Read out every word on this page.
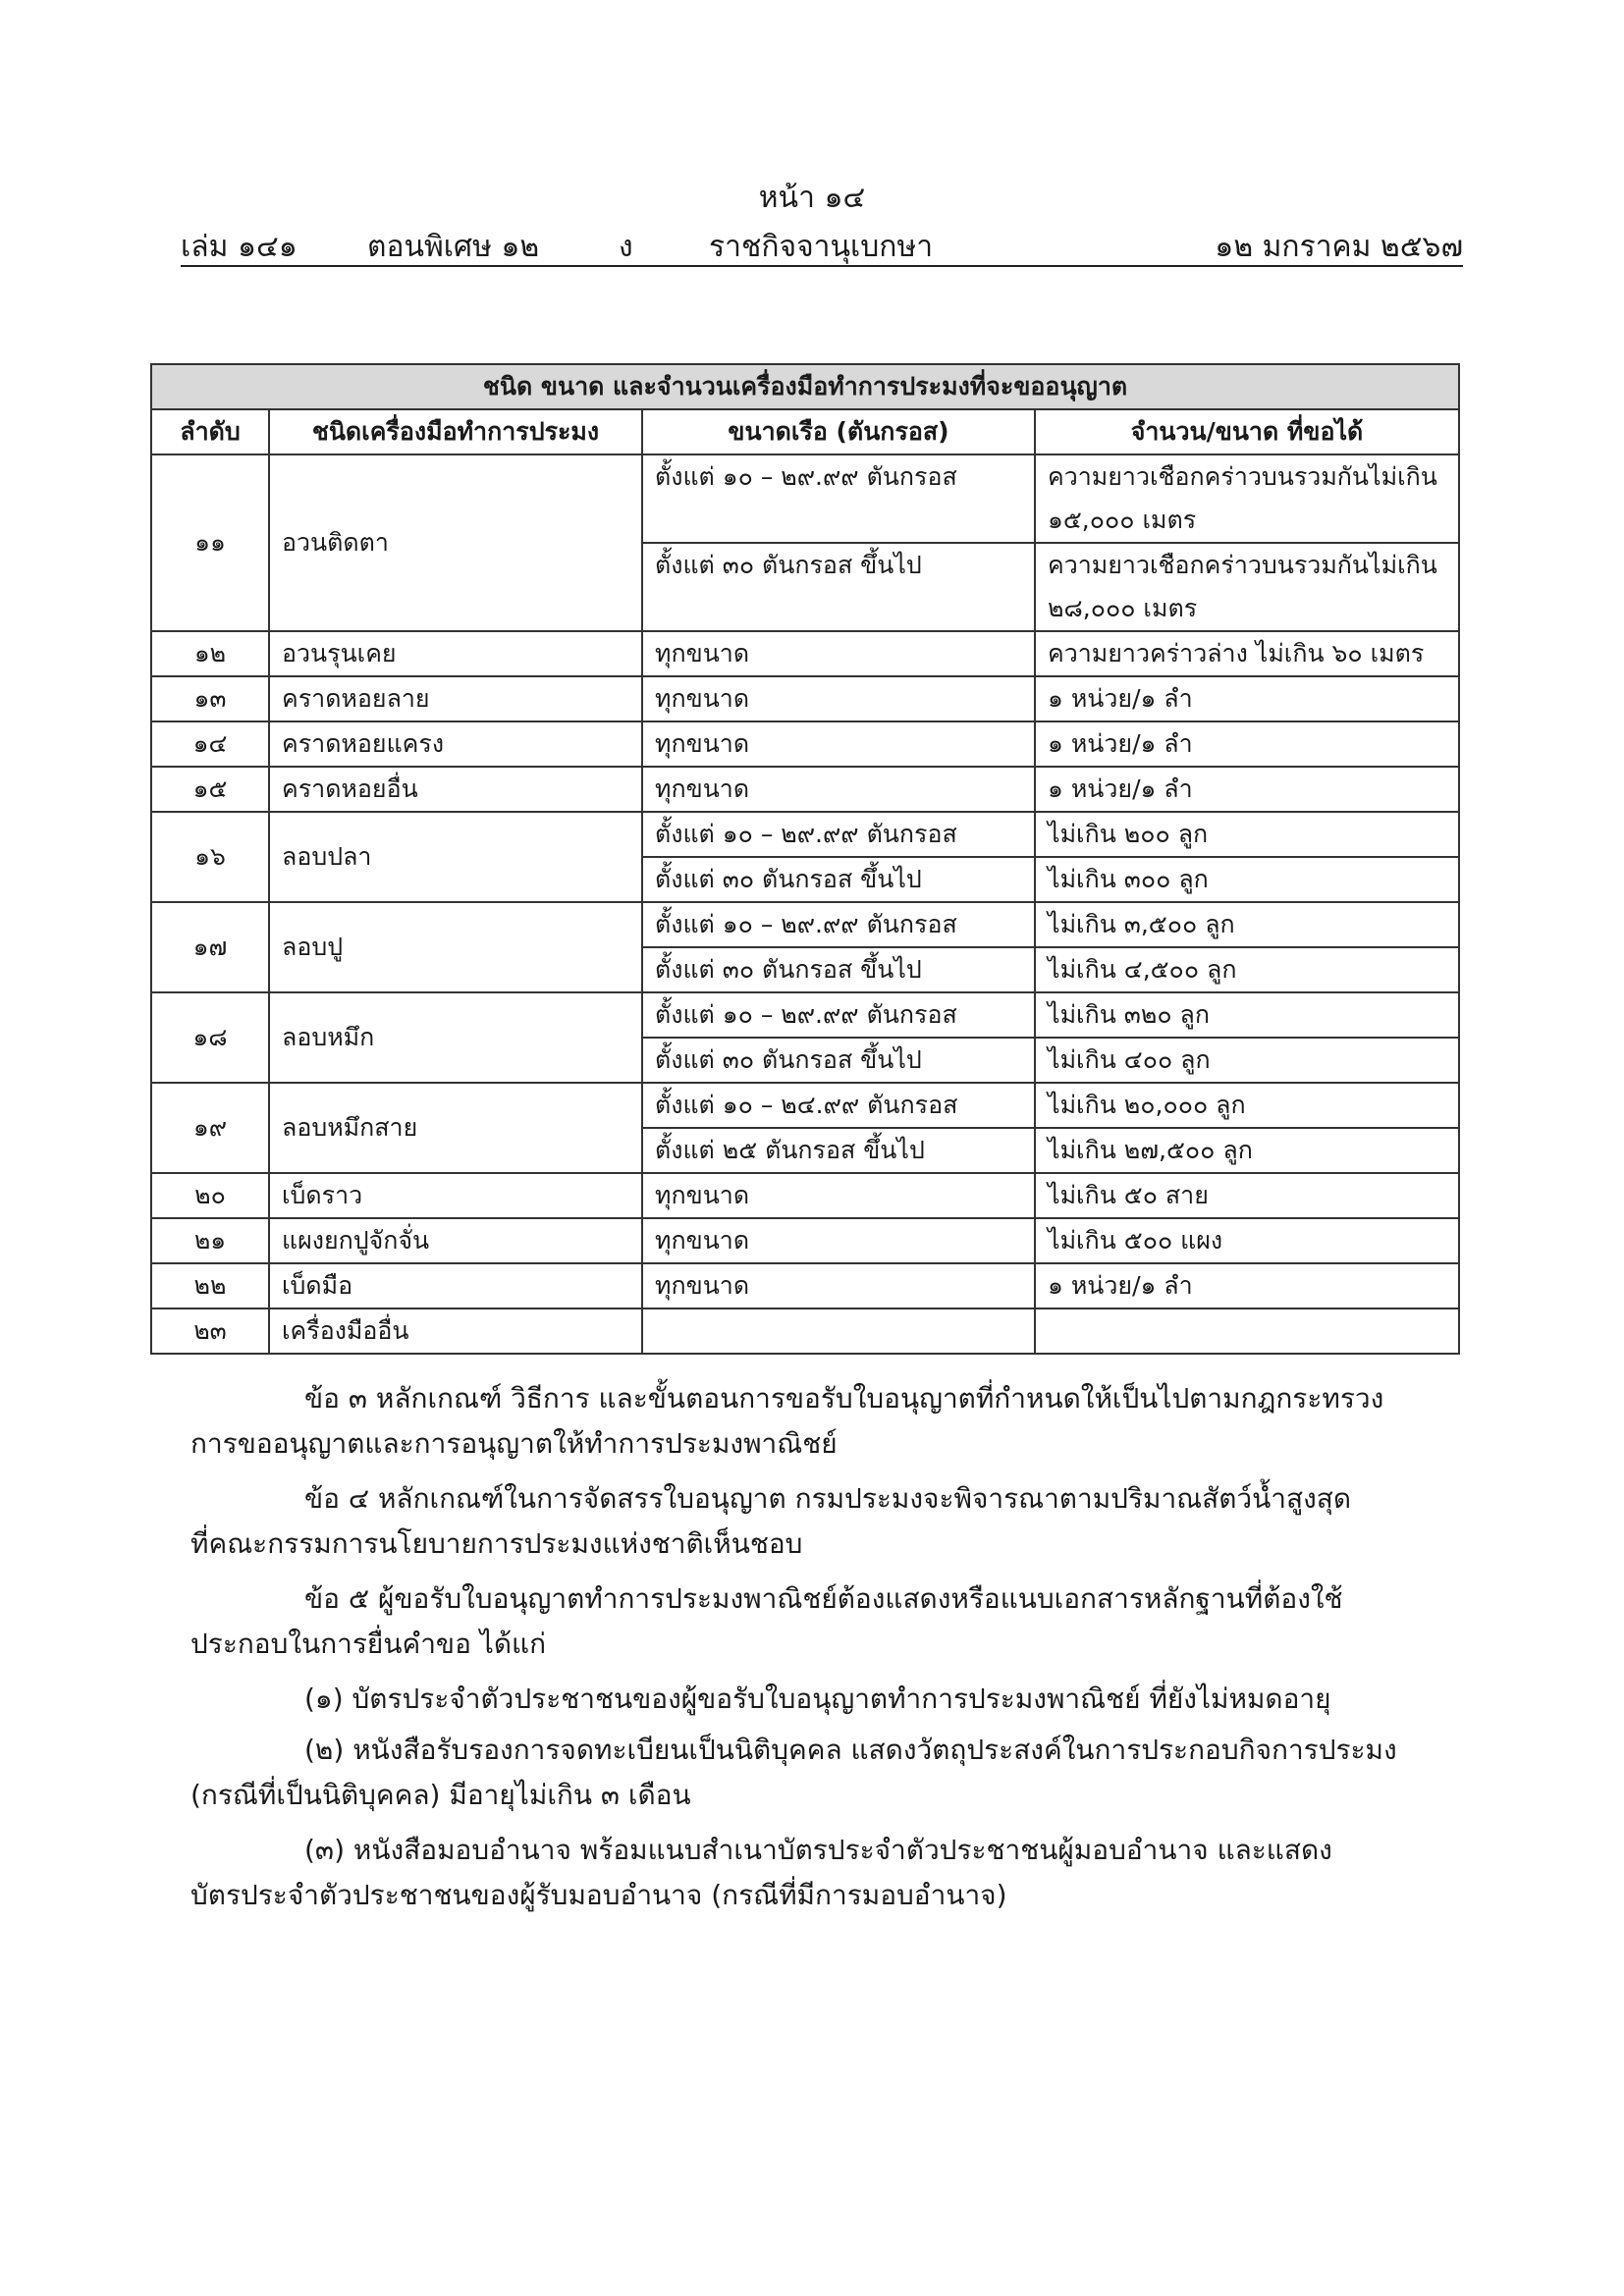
หน้า ๑๔
เล่ม ๑๔๑ ตอนพิเศษ ๑๒	ง	ราชกิจจานุเบกษา	๑๒ มกราคม ๒๕๖๗
ชนิด ขนาด และจำนวนเครื่องมือทำการประมงที่จะขออนุญาต			
ลำดับ	ชนิดเครื่องมือทำการประมง	ขนาดเรือ (ตันกรอส)	จำนวน/ขนาด ที่ขอได้
๑๑	อวนติดตา	ตั้งแต่ ๑๐ – ๒๙.๙๙ ตันกรอส	ความยาวเชือกคร่าวบนรวมกันไม่เกิน
			๑๕,๐๐๐ เมตร
		ตั้งแต่ ๓๐ ตันกรอส ขึ้นไป	ความยาวเชือกคร่าวบนรวมกันไม่เกิน
			๒๘,๐๐๐ เมตร
๑๒	อวนรุนเคย	ทุกขนาด	ความยาวคร่าวล่าง ไม่เกิน ๖๐ เมตร
๑๓	คราดหอยลาย	ทุกขนาด	๑ หน่วย/๑ ลำ
๑๔	คราดหอยแครง	ทุกขนาด	๑ หน่วย/๑ ลำ
๑๕	คราดหอยอื่น	ทุกขนาด	๑ หน่วย/๑ ลำ
๑๖	ลอบปลา	ตั้งแต่ ๑๐ – ๒๙.๙๙ ตันกรอส	ไม่เกิน ๒๐๐ ลูก
		ตั้งแต่ ๓๐ ตันกรอส ขึ้นไป	ไม่เกิน ๓๐๐ ลูก
๑๗	ลอบปู	ตั้งแต่ ๑๐ – ๒๙.๙๙ ตันกรอส	ไม่เกิน ๓,๕๐๐ ลูก
		ตั้งแต่ ๓๐ ตันกรอส ขึ้นไป	ไม่เกิน ๔,๕๐๐ ลูก
๑๘	ลอบหมึก	ตั้งแต่ ๑๐ – ๒๙.๙๙ ตันกรอส	ไม่เกิน ๓๒๐ ลูก
		ตั้งแต่ ๓๐ ตันกรอส ขึ้นไป	ไม่เกิน ๔๐๐ ลูก
๑๙	ลอบหมึกสาย	ตั้งแต่ ๑๐ – ๒๔.๙๙ ตันกรอส	ไม่เกิน ๒๐,๐๐๐ ลูก
		ตั้งแต่ ๒๕ ตันกรอส ขึ้นไป	ไม่เกิน ๒๗,๕๐๐ ลูก
๒๐	เบ็ดราว	ทุกขนาด	ไม่เกิน ๕๐ สาย
๒๑	แผงยกปูจักจั่น	ทุกขนาด	ไม่เกิน ๕๐๐ แผง
๒๒	เบ็ดมือ	ทุกขนาด	๑ หน่วย/๑ ลำ
๒๓	เครื่องมืออื่น		
ข้อ ๓ หลักเกณฑ์ วิธีการ และขั้นตอนการขอรับใบอนุญาตที่กำหนดให้เป็นไปตามกฎกระทรวง
การขออนุญาตและการอนุญาตให้ทำการประมงพาณิชย์
ข้อ ๔ หลักเกณฑ์ในการจัดสรรใบอนุญาต กรมประมงจะพิจารณาตามปริมาณสัตว์น้ำสูงสุด
ที่คณะกรรมการนโยบายการประมงแห่งชาติเห็นชอบ
ข้อ ๕ ผู้ขอรับใบอนุญาตทำการประมงพาณิชย์ต้องแสดงหรือแนบเอกสารหลักฐานที่ต้องใช้
ประกอบในการยื่นคำขอ ได้แก่
(๑) บัตรประจำตัวประชาชนของผู้ขอรับใบอนุญาตทำการประมงพาณิชย์ ที่ยังไม่หมดอายุ
(๒) หนังสือรับรองการจดทะเบียนเป็นนิติบุคคล แสดงวัตถุประสงค์ในการประกอบกิจการประมง
(กรณีที่เป็นนิติบุคคล) มีอายุไม่เกิน ๓ เดือน
(๓) หนังสือมอบอำนาจ พร้อมแนบสำเนาบัตรประจำตัวประชาชนผู้มอบอำนาจ และแสดง
บัตรประจำตัวประชาชนของผู้รับมอบอำนาจ (กรณีที่มีการมอบอำนาจ)
